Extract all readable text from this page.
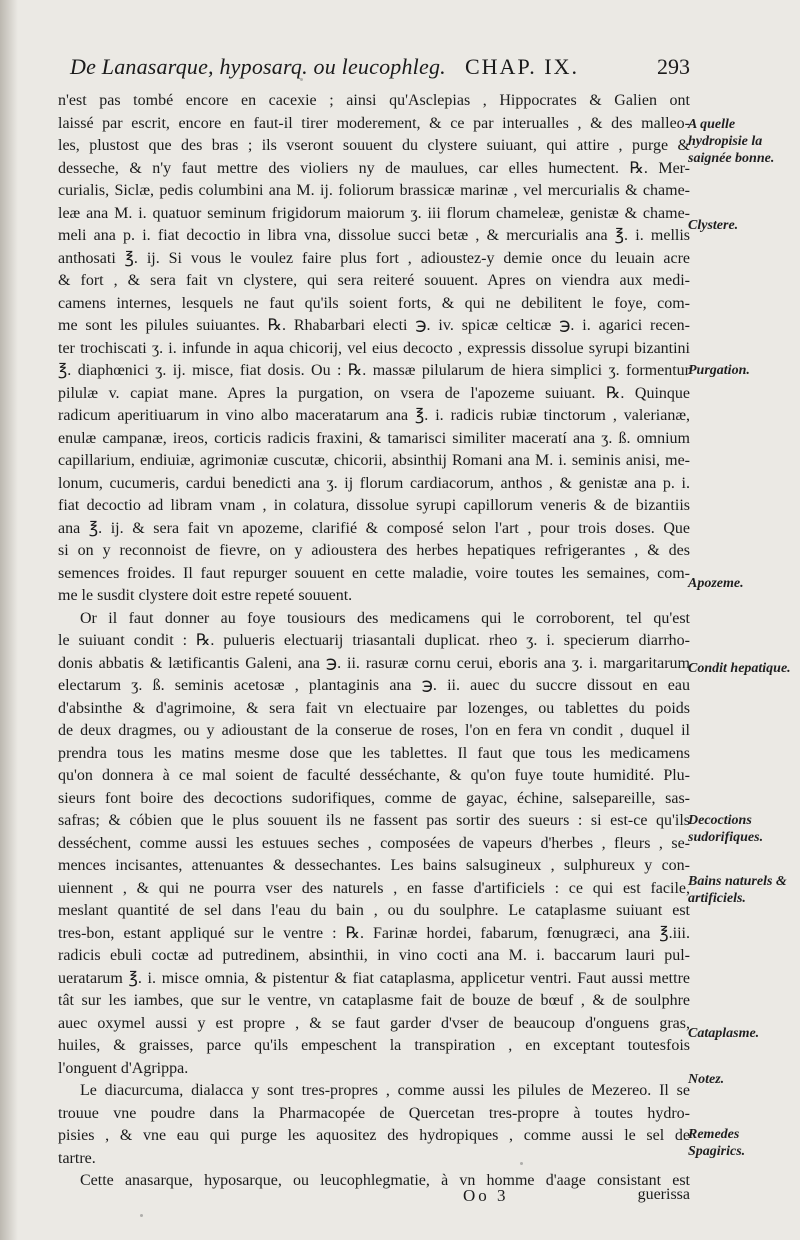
De Lanasarque, hyposarq. ou leucophleg. CHAP. IX.	293
n'est pas tombé encore en cacexie ; ainsi qu'Asclepias , Hippocrates & Galien ont
laissé par escrit, encore en faut-il tirer moderement, & ce par interualles , & des malleo-
les, plustost que des bras ; ils vseront souuent du clystere suiuant, qui attire , purge &
desseche, & n'y faut mettre des violiers ny de maulues, car elles humectent. ℞. Mer-
curialis, Siclæ, pedis columbini ana M. ij. foliorum brassicæ marinæ , vel mercurialis & chame-
leæ ana M. i. quatuor seminum frigidorum maiorum ʒ. iii florum chameleæ, genistæ & chame-
meli ana p. i. fiat decoctio in libra vna, dissolue succi betæ , & mercurialis ana ℥. i. mellis
anthosati ℥. ij. Si vous le voulez faire plus fort , adioustez-y demie once du leuain acre
& fort , & sera fait vn clystere, qui sera reiteré souuent. Apres on viendra aux medi-
camens internes, lesquels ne faut qu'ils soient forts, & qui ne debilitent le foye, com-
me sont les pilules suiuantes. ℞. Rhabarbari electi ℈. iv. spicæ celticæ ℈. i. agarici recen-
ter trochiscati ʒ. i. infunde in aqua chicorij, vel eius decocto , expressis dissolue syrupi bizantini
℥. diaphœnici ʒ. ij. misce, fiat dosis. Ou : ℞. massæ pilularum de hiera simplici ʒ. formentur
pilulæ v. capiat mane. Apres la purgation, on vsera de l'apozeme suiuant. ℞. Quinque
radicum aperitiuarum in vino albo maceratarum ana ℥. i. radicis rubiæ tinctorum , valerianæ,
enulæ campanæ, ireos, corticis radicis fraxini, & tamarisci similiter maceratí ana ʒ. ß. omnium
capillarium, endiuiæ, agrimoniæ cuscutæ, chicorii, absinthij Romani ana M. i. seminis anisi, me-
lonum, cucumeris, cardui benedicti ana ʒ. ij florum cardiacorum, anthos , & genistæ ana p. i.
fiat decoctio ad libram vnam , in colatura, dissolue syrupi capillorum veneris & de bizantiis
ana ℥. ij. & sera fait vn apozeme, clarifié & composé selon l'art , pour trois doses. Que
si on y reconnoist de fievre, on y adioustera des herbes hepatiques refrigerantes , & des
semences froides. Il faut repurger souuent en cette maladie, voire toutes les semaines, com-
me le susdit clystere doit estre repeté souuent.
Or il faut donner au foye tousiours des medicamens qui le corroborent, tel qu'est
le suiuant condit : ℞. pulueris electuarij triasantali duplicat. rheo ʒ. i. specierum diarrho-
donis abbatis & lætificantis Galeni, ana ℈. ii. rasuræ cornu cerui, eboris ana ʒ. i. margaritarum
electarum ʒ. ß. seminis acetosæ , plantaginis ana ℈. ii. auec du succre dissout en eau
d'absinthe & d'agrimoine, & sera fait vn electuaire par lozenges, ou tablettes du poids
de deux dragmes, ou y adioustant de la conserue de roses, l'on en fera vn condit , duquel il
prendra tous les matins mesme dose que les tablettes. Il faut que tous les medicamens
qu'on donnera à ce mal soient de faculté desséchante, & qu'on fuye toute humidité. Plu-
sieurs font boire des decoctions sudorifiques, comme de gayac, échine, salsepareille, sas-
safras; & cóbien que le plus souuent ils ne fassent pas sortir des sueurs : si est-ce qu'ils
desséchent, comme aussi les estuues seches , composées de vapeurs d'herbes , fleurs , se-
mences incisantes, attenuantes & dessechantes. Les bains salsugineux , sulphureux y con-
uiennent , & qui ne pourra vser des naturels , en fasse d'artificiels : ce qui est facile,
meslant quantité de sel dans l'eau du bain , ou du soulphre. Le cataplasme suiuant est
tres-bon, estant appliqué sur le ventre : ℞. Farinæ hordei, fabarum, fœnugræci, ana ℥.iii.
radicis ebuli coctæ ad putredinem, absinthii, in vino cocti ana M. i. baccarum lauri pul-
ueratarum ℥. i. misce omnia, & pistentur & fiat cataplasma, applicetur ventri. Faut aussi mettre
tât sur les iambes, que sur le ventre, vn cataplasme fait de bouze de bœuf , & de soulphre
auec oxymel aussi y est propre , & se faut garder d'vser de beaucoup d'onguens gras,
huiles, & graisses, parce qu'ils empeschent la transpiration , en exceptant toutesfois
l'onguent d'Agrippa.
Le diacurcuma, dialacca y sont tres-propres , comme aussi les pilules de Mezereo. Il se
trouue vne poudre dans la Pharmacopée de Quercetan tres-propre à toutes hydro-
pisies , & vne eau qui purge les aquositez des hydropiques , comme aussi le sel de
tartre.
Cette anasarque, hyposarque, ou leucophlegmatie, à vn homme d'aage consistant est
A quelle hydropisie la saignée bonne.
Clystere.
Purgation.
Apozeme.
Condit hepatique.
Decoctions sudorifiques.
Bains naturels & artificiels.
Cataplasme.
Notez.
Remedes Spagirics.
Oo 3	guerissa
